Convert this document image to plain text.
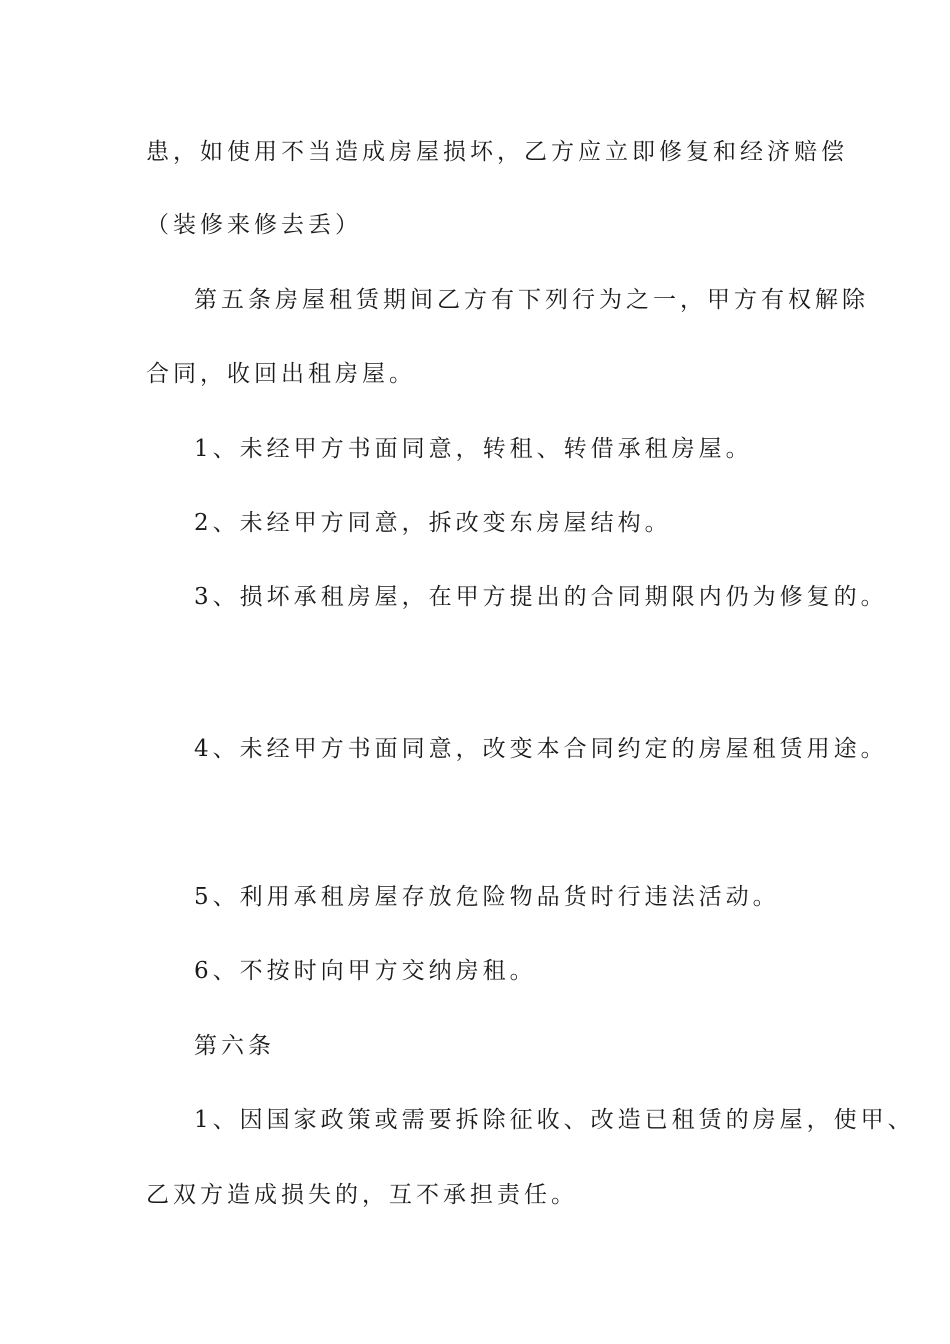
患，如使用不当造成房屋损坏，乙方应立即修复和经济赔偿
（装修来修去丢）
第五条房屋租赁期间乙方有下列行为之一，甲方有权解除
合同，收回出租房屋。
1、未经甲方书面同意，转租、转借承租房屋。
2、未经甲方同意，拆改变东房屋结构。
3、损坏承租房屋，在甲方提出的合同期限内仍为修复的。
4、未经甲方书面同意，改变本合同约定的房屋租赁用途。
5、利用承租房屋存放危险物品货时行违法活动。
6、不按时向甲方交纳房租。
第六条
1、因国家政策或需要拆除征收、改造已租赁的房屋，使甲、
乙双方造成损失的，互不承担责任。
